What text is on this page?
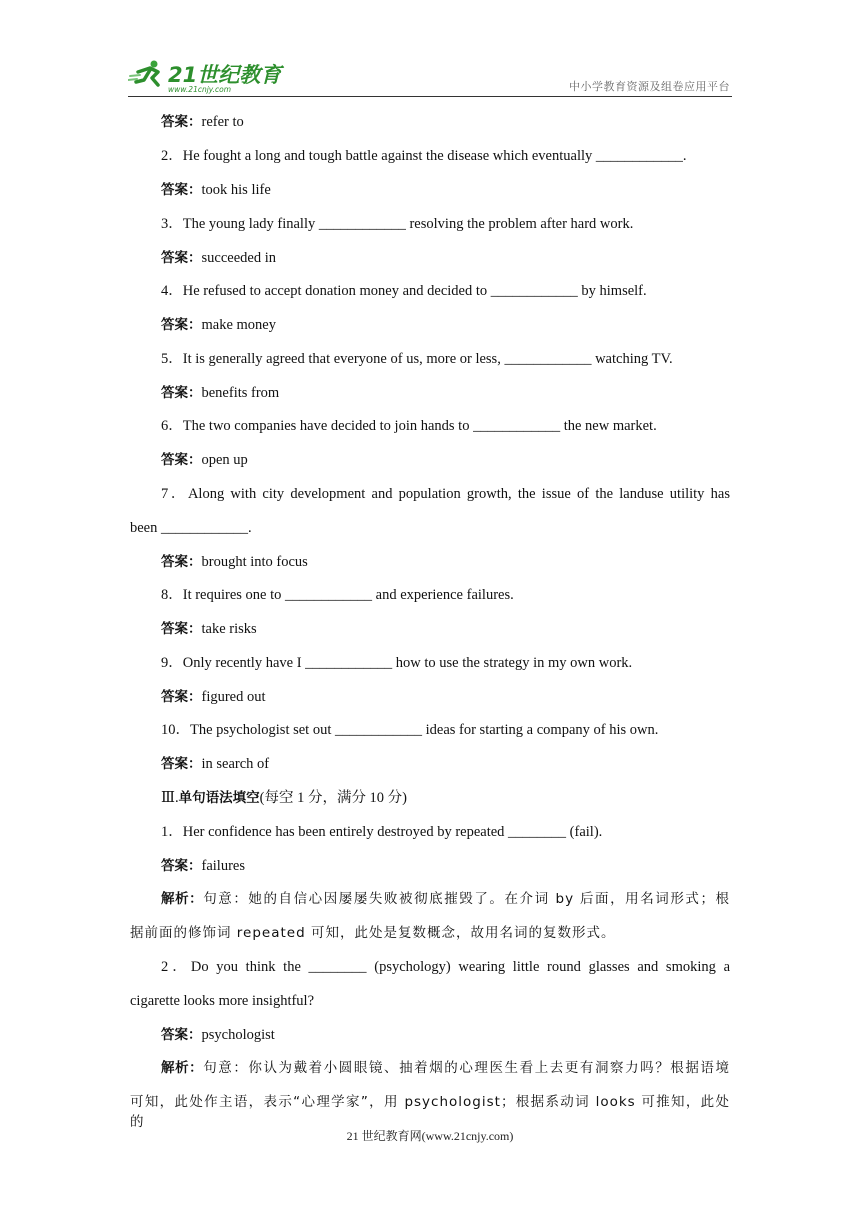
21世纪教育
www.21cnjy.com	中小学教育资源及组卷应用平台
答案：refer to
2．He fought a long and tough battle against the disease which eventually ____________.
答案：took his life
3．The young lady finally ____________ resolving the problem after hard work.
答案：succeeded in
4．He refused to accept donation money and decided to ____________ by himself.
答案：make money
5．It is generally agreed that everyone of us, more or less, ____________ watching TV.
答案：benefits from
6．The two companies have decided to join hands to ____________ the new market.
答案：open up
7．Along with city development and population growth, the issue of the landuse utility has
been ____________.
答案：brought into focus
8．It requires one to ____________ and experience failures.
答案：take risks
9．Only recently have I ____________ how to use the strategy in my own work.
答案：figured out
10．The psychologist set out ____________ ideas for starting a company of his own.
答案：in search of
Ⅲ.单句语法填空(每空 1 分，满分 10 分)
1．Her confidence has been entirely destroyed by repeated ________ (fail).
答案：failures
解析：句意：她的自信心因屡屡失败被彻底摧毁了。在介词 by 后面，用名词形式；根
据前面的修饰词 repeated 可知，此处是复数概念，故用名词的复数形式。
2．Do you think the ________ (psychology) wearing little round glasses and smoking a
cigarette looks more insightful?
答案：psychologist
解析：句意：你认为戴着小圆眼镜、抽着烟的心理医生看上去更有洞察力吗？根据语境
可知，此处作主语，表示“心理学家”，用 psychologist；根据系动词 looks 可推知，此处的
21 世纪教育网(www.21cnjy.com)
